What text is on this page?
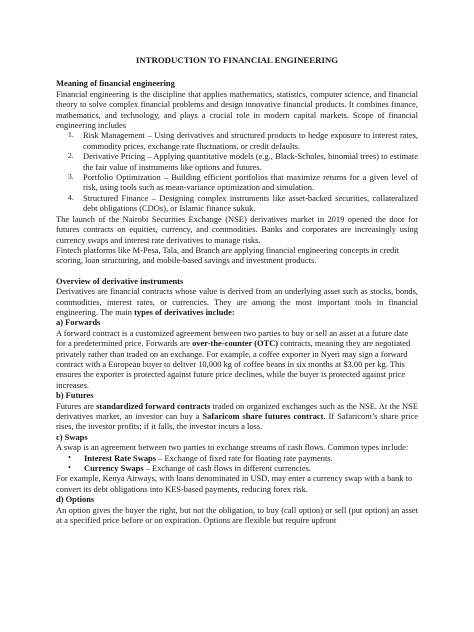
INTRODUCTION TO FINANCIAL ENGINEERING

Meaning of financial engineering

Financial engineering is the discipline that applies mathematics, statistics, computer science, and financial theory to solve complex financial problems and design innovative financial products. It combines finance, mathematics, and technology, and plays a crucial role in modern capital markets. Scope of financial engineering includes

1. Risk Management – Using derivatives and structured products to hedge exposure to interest rates, commodity prices, exchange rate fluctuations, or credit defaults.
2. Derivative Pricing – Applying quantitative models (e.g., Black-Scholes, binomial trees) to estimate the fair value of instruments like options and futures.
3. Portfolio Optimization – Building efficient portfolios that maximize returns for a given level of risk, using tools such as mean-variance optimization and simulation.
4. Structured Finance – Designing complex instruments like asset-backed securities, collateralized debt obligations (CDOs), or Islamic finance sukuk.

The launch of the Nairobi Securities Exchange (NSE) derivatives market in 2019 opened the door for futures contracts on equities, currency, and commodities. Banks and corporates are increasingly using currency swaps and interest rate derivatives to manage risks.

Fintech platforms like M-Pesa, Tala, and Branch are applying financial engineering concepts in credit scoring, loan structuring, and mobile-based savings and investment products.

Overview of derivative instruments

Derivatives are financial contracts whose value is derived from an underlying asset such as stocks, bonds, commodities, interest rates, or currencies. They are among the most important tools in financial engineering. The main types of derivatives include:

a) Forwards

A forward contract is a customized agreement between two parties to buy or sell an asset at a future date for a predetermined price. Forwards are over-the-counter (OTC) contracts, meaning they are negotiated privately rather than traded on an exchange. For example, a coffee exporter in Nyeri may sign a forward contract with a European buyer to deliver 10,000 kg of coffee beans in six months at $3.00 per kg. This ensures the exporter is protected against future price declines, while the buyer is protected against price increases.

b) Futures

Futures are standardized forward contracts traded on organized exchanges such as the NSE. At the NSE derivatives market, an investor can buy a Safaricom share futures contract. If Safaricom’s share price rises, the investor profits; if it falls, the investor incurs a loss.

c) Swaps

A swap is an agreement between two parties to exchange streams of cash flows. Common types include:

• Interest Rate Swaps – Exchange of fixed rate for floating rate payments.
• Currency Swaps – Exchange of cash flows in different currencies.

For example, Kenya Airways, with loans denominated in USD, may enter a currency swap with a bank to convert its debt obligations into KES-based payments, reducing forex risk.

d) Options

An option gives the buyer the right, but not the obligation, to buy (call option) or sell (put option) an asset at a specified price before or on expiration. Options are flexible but require upfront
